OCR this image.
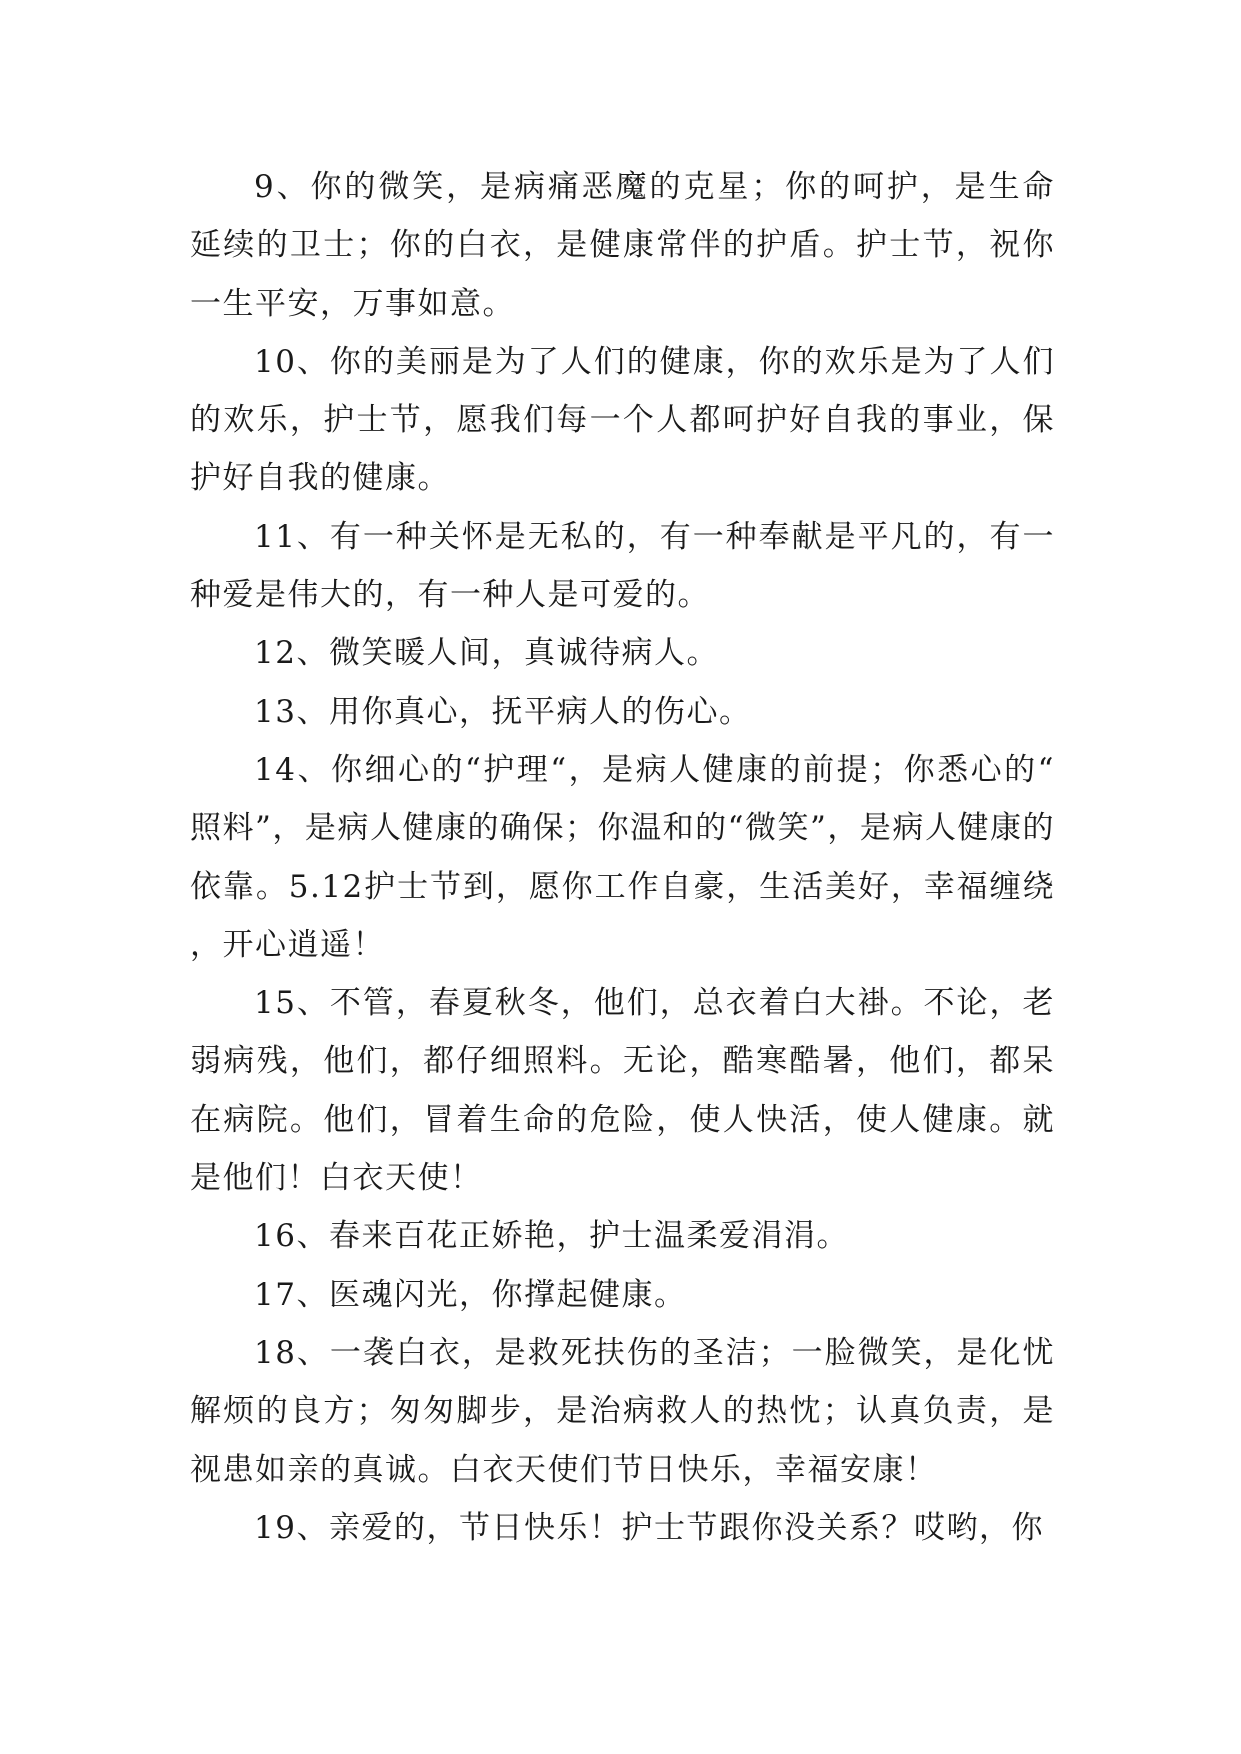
9、你的微笑，是病痛恶魔的克星；你的呵护，是生命延续的卫士；你的白衣，是健康常伴的护盾。护士节，祝你一生平安，万事如意。

10、你的美丽是为了人们的健康，你的欢乐是为了人们的欢乐，护士节，愿我们每一个人都呵护好自我的事业，保护好自我的健康。

11、有一种关怀是无私的，有一种奉献是平凡的，有一种爱是伟大的，有一种人是可爱的。

12、微笑暖人间，真诚待病人。

13、用你真心，抚平病人的伤心。

14、你细心的“护理“，是病人健康的前提；你悉心的“照料”，是病人健康的确保；你温和的“微笑”，是病人健康的依靠。5.12护士节到，愿你工作自豪，生活美好，幸福缠绕，开心逍遥！

15、不管，春夏秋冬，他们，总衣着白大褂。不论，老弱病残，他们，都仔细照料。无论，酷寒酷暑，他们，都呆在病院。他们，冒着生命的危险，使人快活，使人健康。就是他们！白衣天使！

16、春来百花正娇艳，护士温柔爱涓涓。

17、医魂闪光，你撑起健康。

18、一袭白衣，是救死扶伤的圣洁；一脸微笑，是化忧解烦的良方；匆匆脚步，是治病救人的热忱；认真负责，是视患如亲的真诚。白衣天使们节日快乐，幸福安康！

19、亲爱的，节日快乐！护士节跟你没关系？哎哟，你
